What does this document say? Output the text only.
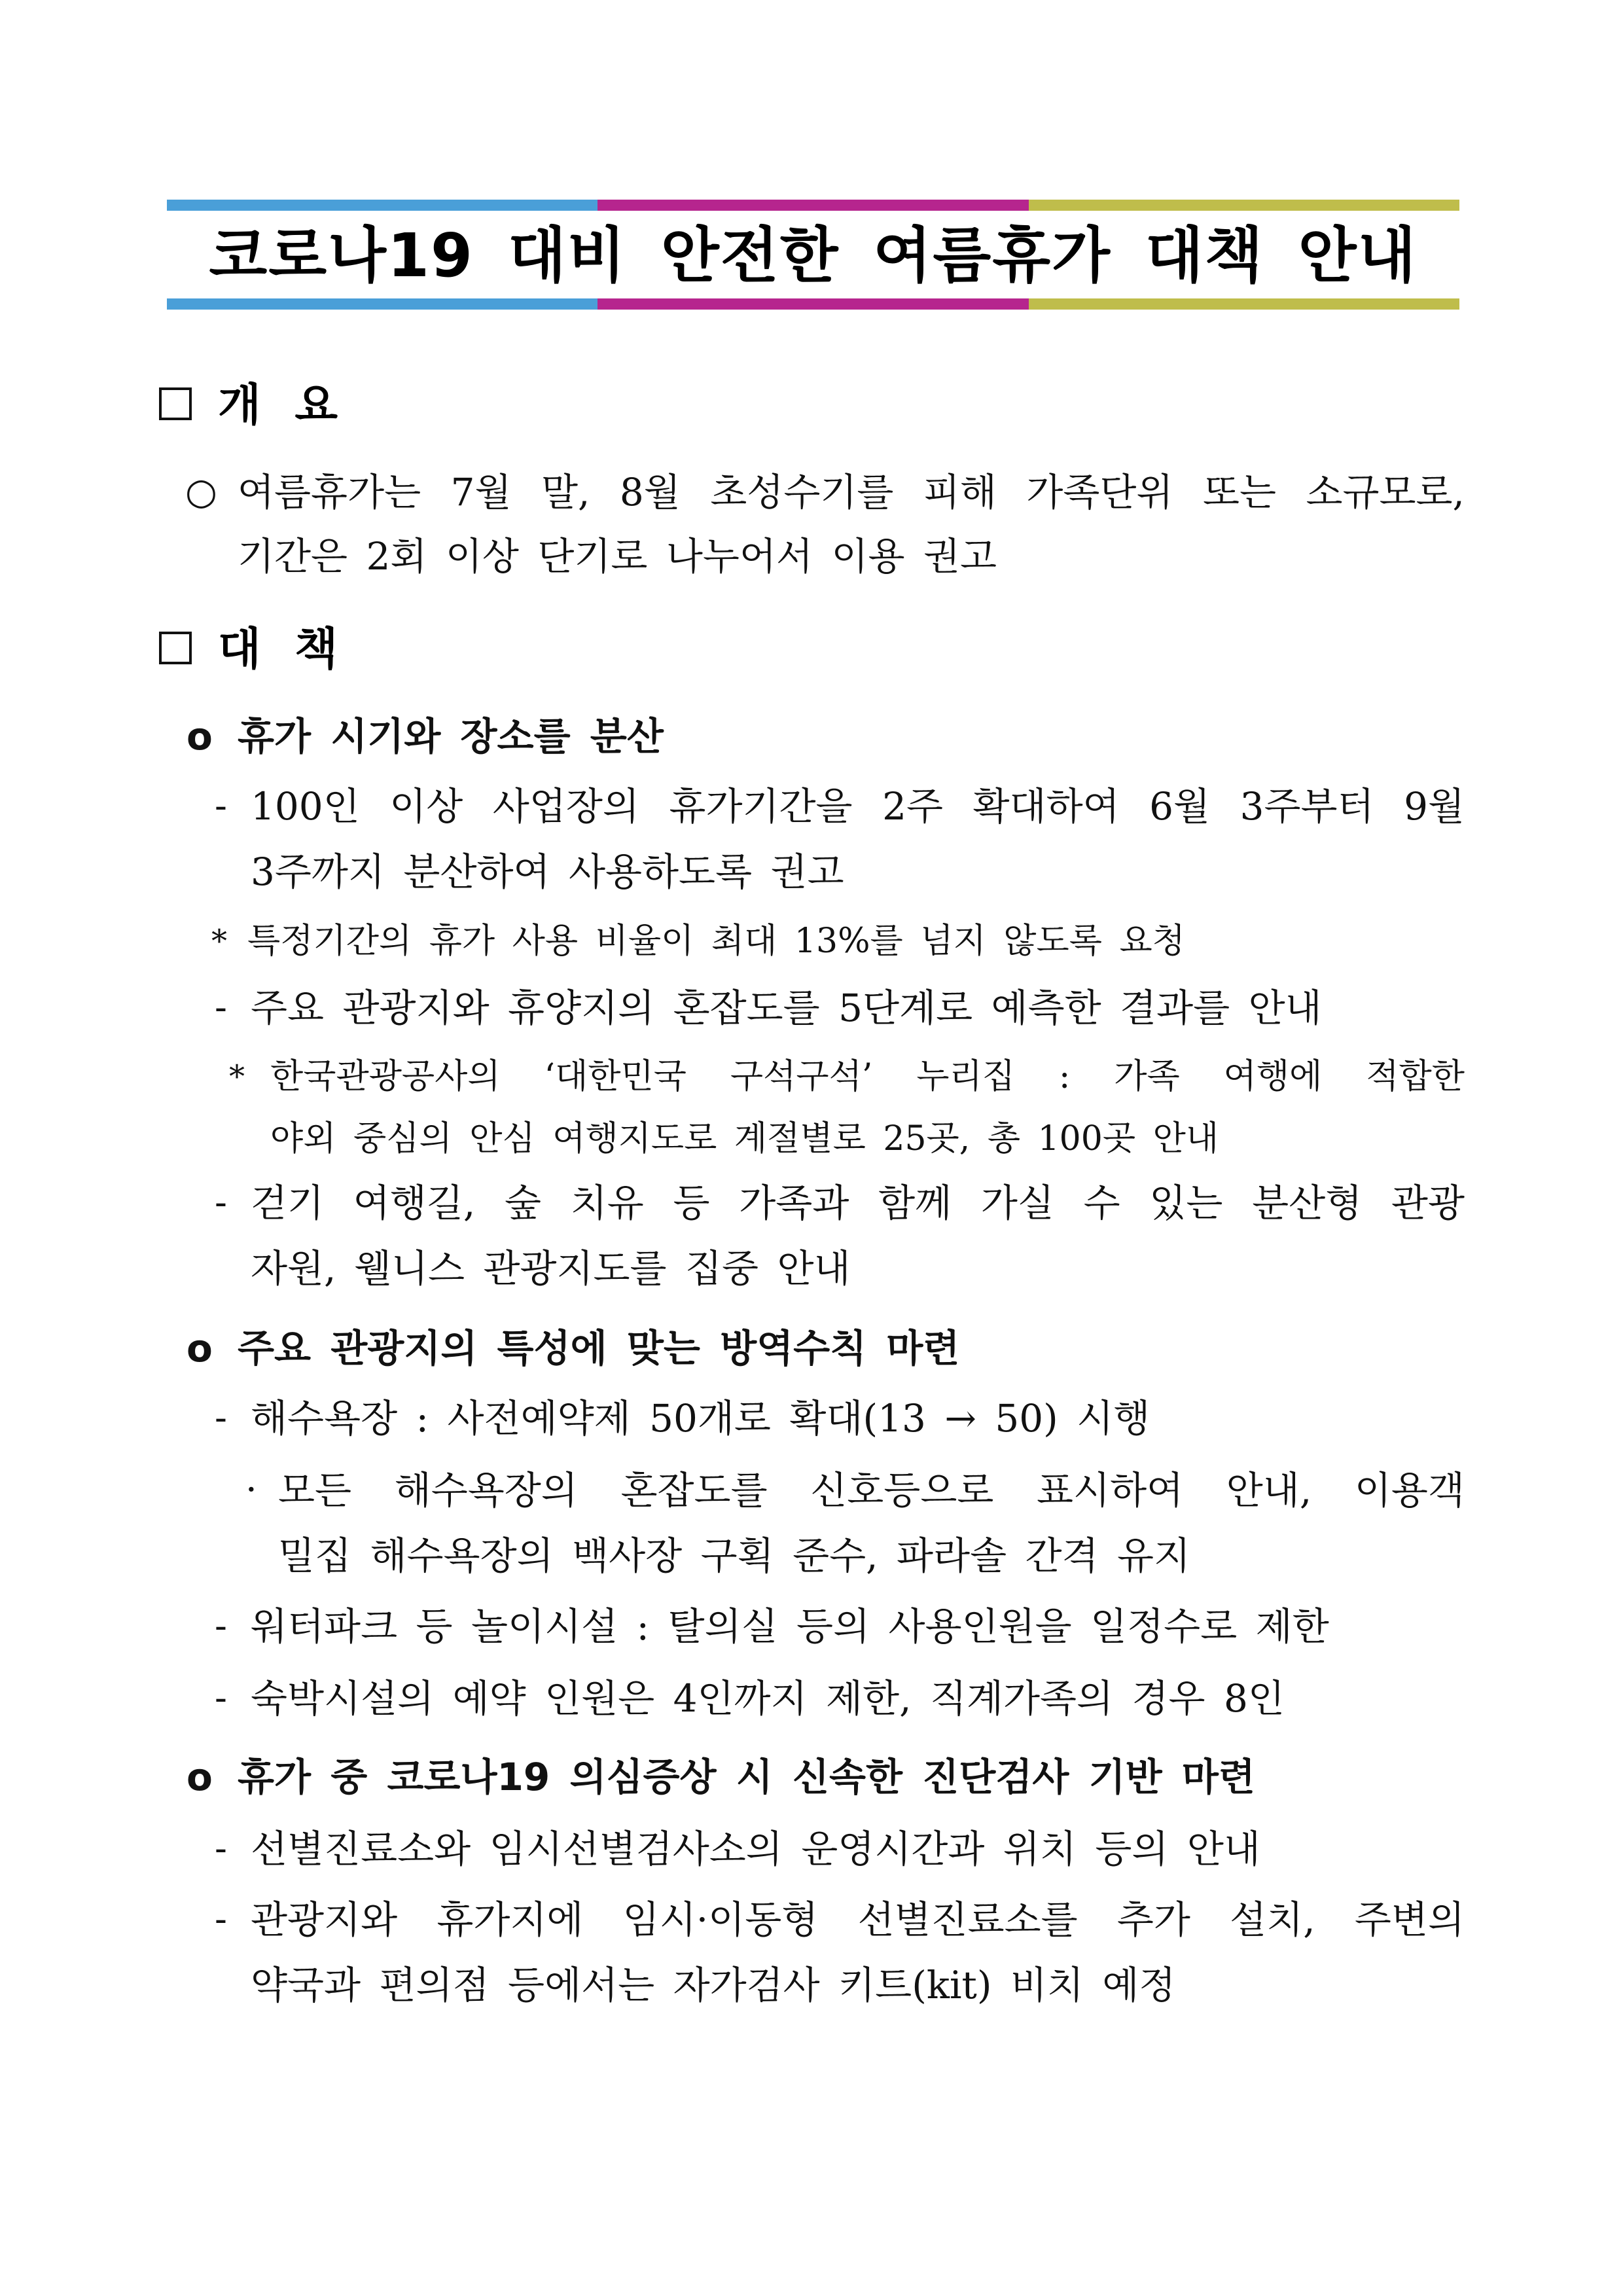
코로나19 대비 안전한 여름휴가 대책 안내
개 요
○ 여름휴가는 7월 말, 8월 초성수기를 피해 가족단위 또는 소규모로,
기간은 2회 이상 단기로 나누어서 이용 권고
대 책
o 휴가 시기와 장소를 분산
- 100인 이상 사업장의 휴가기간을 2주 확대하여 6월 3주부터 9월
3주까지 분산하여 사용하도록 권고
* 특정기간의 휴가 사용 비율이 최대 13%를 넘지 않도록 요청
- 주요 관광지와 휴양지의 혼잡도를 5단계로 예측한 결과를 안내
* 한국관광공사의 ‘대한민국 구석구석’ 누리집 : 가족 여행에 적합한
야외 중심의 안심 여행지도로 계절별로 25곳, 총 100곳 안내
- 걷기 여행길, 숲 치유 등 가족과 함께 가실 수 있는 분산형 관광
자원, 웰니스 관광지도를 집중 안내
o 주요 관광지의 특성에 맞는 방역수칙 마련
- 해수욕장 : 사전예약제 50개로 확대(13 → 50) 시행
· 모든 해수욕장의 혼잡도를 신호등으로 표시하여 안내, 이용객
밀집 해수욕장의 백사장 구획 준수, 파라솔 간격 유지
- 워터파크 등 놀이시설 : 탈의실 등의 사용인원을 일정수로 제한
- 숙박시설의 예약 인원은 4인까지 제한, 직계가족의 경우 8인
o 휴가 중 코로나19 의심증상 시 신속한 진단검사 기반 마련
- 선별진료소와 임시선별검사소의 운영시간과 위치 등의 안내
- 관광지와 휴가지에 임시·이동형 선별진료소를 추가 설치, 주변의
약국과 편의점 등에서는 자가검사 키트(kit) 비치 예정
